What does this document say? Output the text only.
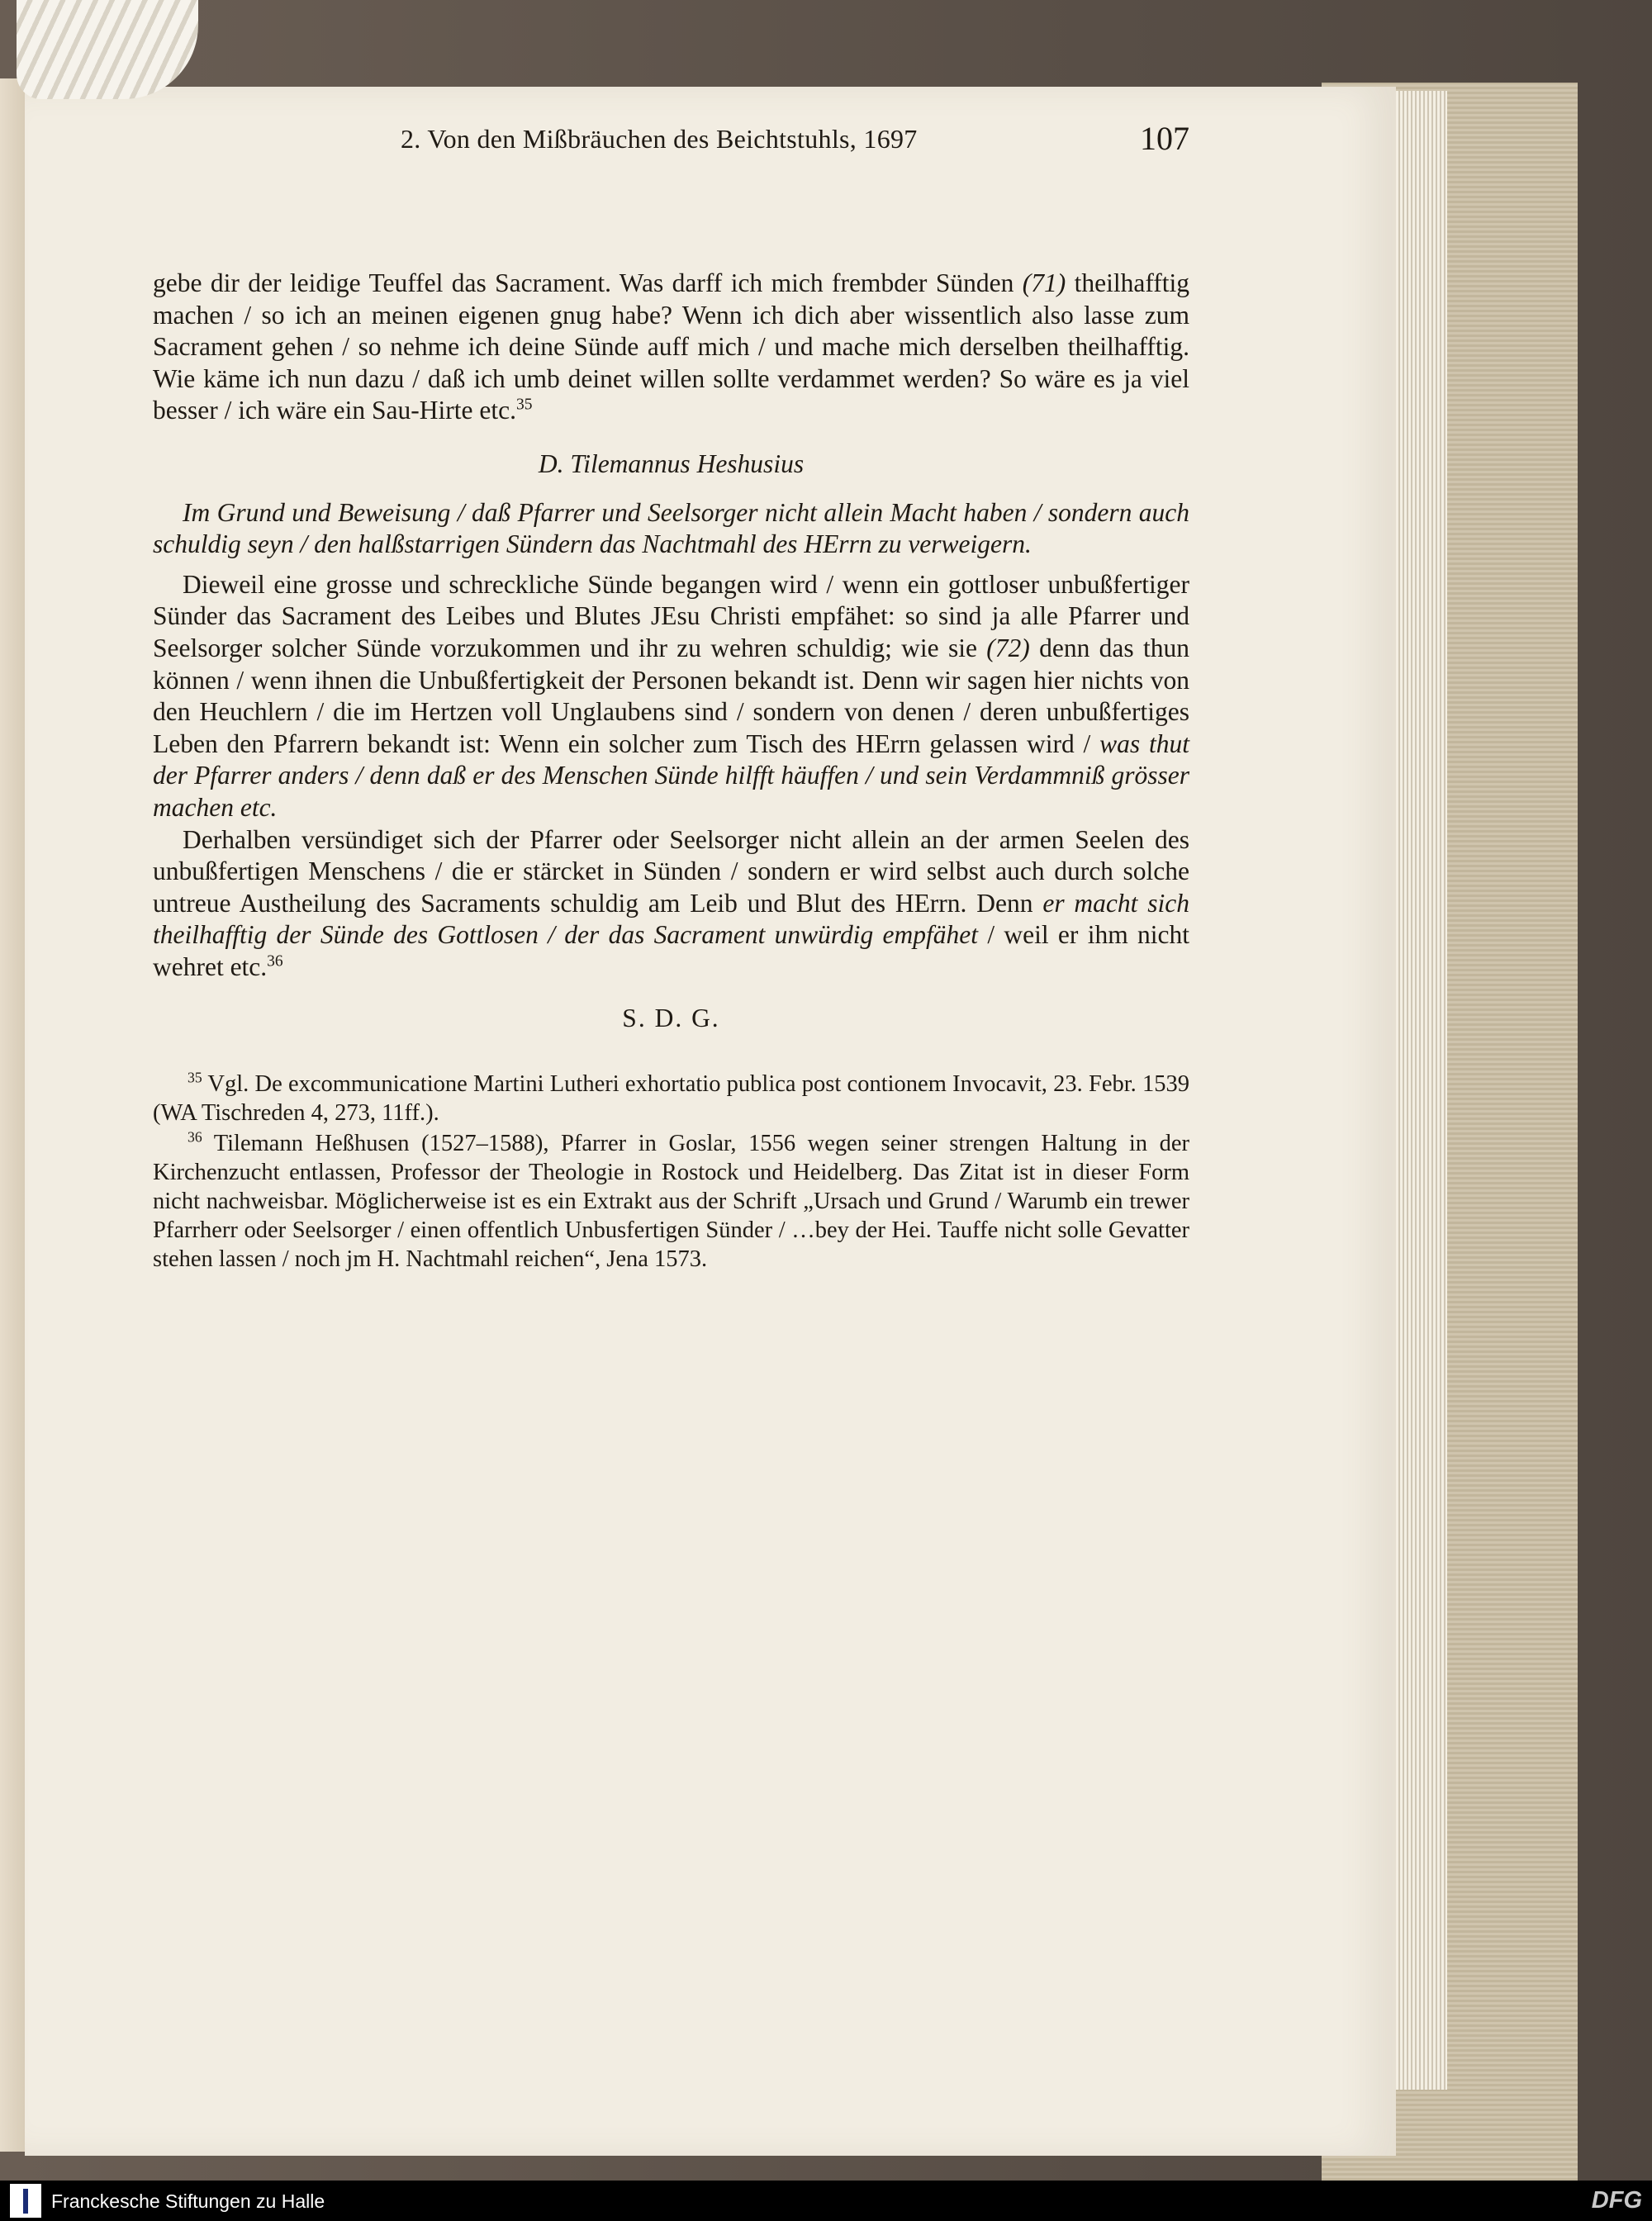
2. Von den Mißbräuchen des Beichtstuhls, 1697	107

gebe dir der leidige Teuffel das Sacrament. Was darff ich mich frembder Sünden (71) theilhafftig machen / so ich an meinen eigenen gnug habe? Wenn ich dich aber wissentlich also lasse zum Sacrament gehen / so nehme ich deine Sünde auff mich / und mache mich derselben theilhafftig. Wie käme ich nun dazu / daß ich umb deinet willen sollte verdammet werden? So wäre es ja viel besser / ich wäre ein Sau-Hirte etc.$^{35}$

D. Tilemannus Heshusius

Im Grund und Beweisung / daß Pfarrer und Seelsorger nicht allein Macht haben / sondern auch schuldig seyn / den halßstarrigen Sündern das Nachtmahl des HErrn zu verweigern.

Dieweil eine grosse und schreckliche Sünde begangen wird / wenn ein gottloser unbußfertiger Sünder das Sacrament des Leibes und Blutes JEsu Christi empfähet: so sind ja alle Pfarrer und Seelsorger solcher Sünde vorzukommen und ihr zu wehren schuldig; wie sie (72) denn das thun können / wenn ihnen die Unbußfertigkeit der Personen bekandt ist. Denn wir sagen hier nichts von den Heuchlern / die im Hertzen voll Unglaubens sind / sondern von denen / deren unbußfertiges Leben den Pfarrern bekandt ist: Wenn ein solcher zum Tisch des HErrn gelassen wird / was thut der Pfarrer anders / denn daß er des Menschen Sünde hilfft häuffen / und sein Verdammniß grösser machen etc.

Derhalben versündiget sich der Pfarrer oder Seelsorger nicht allein an der armen Seelen des unbußfertigen Menschens / die er stärcket in Sünden / sondern er wird selbst auch durch solche untreue Austheilung des Sacraments schuldig am Leib und Blut des HErrn. Denn er macht sich theilhafftig der Sünde des Gottlosen / der das Sacrament unwürdig empfähet / weil er ihm nicht wehret etc.$^{36}$

S. D. G.

$^{35}$ Vgl. De excommunicatione Martini Lutheri exhortatio publica post contionem Invocavit, 23. Febr. 1539 (WA Tischreden 4, 273, 11ff.).

$^{36}$ Tilemann Heßhusen (1527–1588), Pfarrer in Goslar, 1556 wegen seiner strengen Haltung in der Kirchenzucht entlassen, Professor der Theologie in Rostock und Heidelberg. Das Zitat ist in dieser Form nicht nachweisbar. Möglicherweise ist es ein Extrakt aus der Schrift „Ursach und Grund / Warumb ein trewer Pfarrherr oder Seelsorger / einen offentlich Unbusfertigen Sünder / …bey der Hei. Tauffe nicht solle Gevatter stehen lassen / noch jm H. Nachtmahl reichen“, Jena 1573.

Franckesche Stiftungen zu Halle	DFG
